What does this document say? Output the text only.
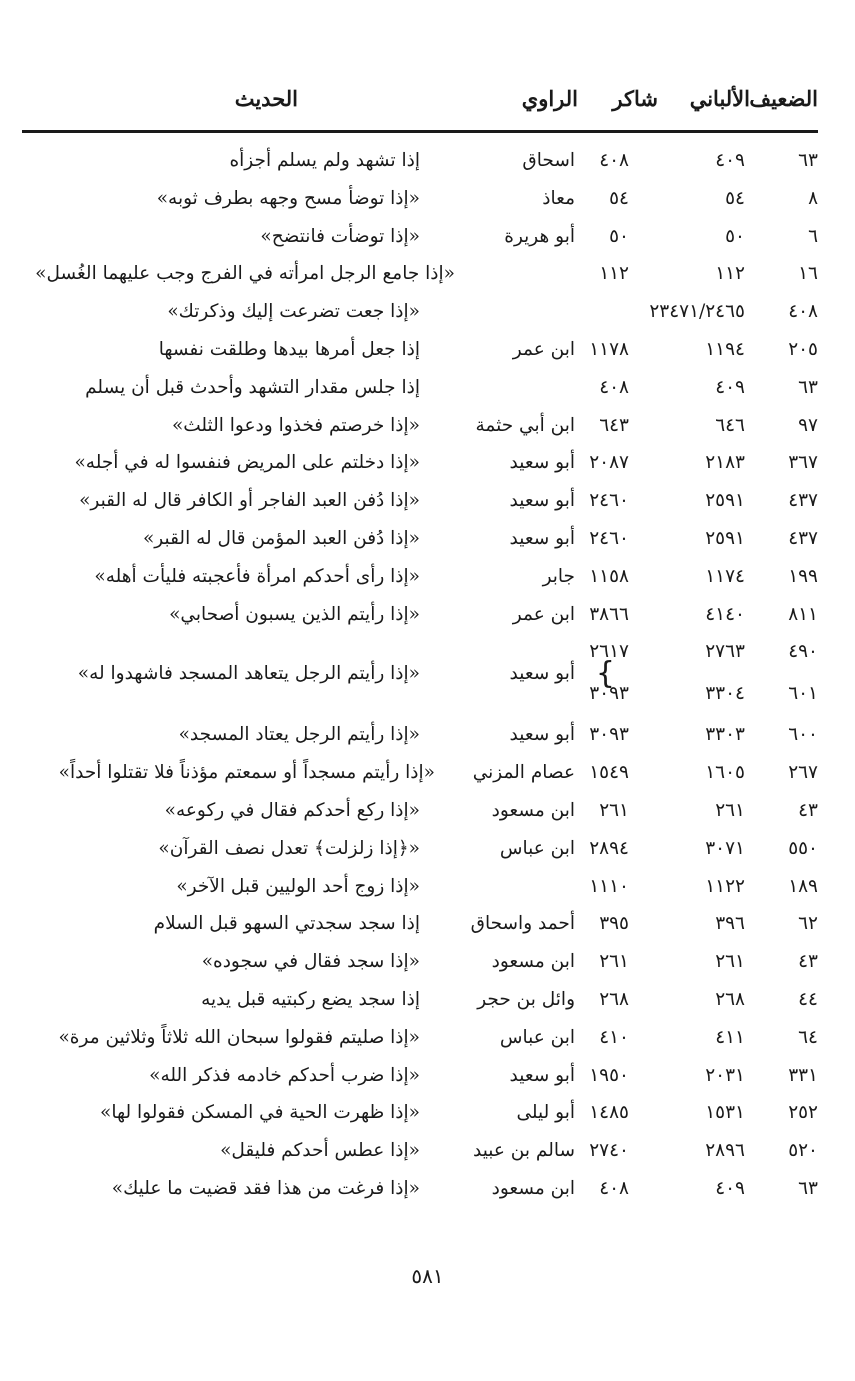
الضعيف
الألباني
شاكر
الراوي
الحديث
٦٣
٤٠٩
٤٠٨
اسحاق
إذا تشهد ولم يسلم أجزأه
٨
٥٤
٥٤
معاذ
«إذا توضأ مسح وجهه بطرف ثوبه»
٦
٥٠
٥٠
أبو هريرة
«إذا توضأت فانتضح»
١٦
١١٢
١١٢
«إذا جامع الرجل امرأته في الفرج وجب عليهما الغُسل»
٤٠٨
٢٣٤٧١/٢٤٦٥
«إذا جعت تضرعت إليك وذكرتك»
٢٠٥
١١٩٤
١١٧٨
ابن عمر
إذا جعل أمرها بيدها وطلقت نفسها
٦٣
٤٠٩
٤٠٨
إذا جلس مقدار التشهد وأحدث قبل أن يسلم
٩٧
٦٤٦
٦٤٣
ابن أبي حثمة
«إذا خرصتم فخذوا ودعوا الثلث»
٣٦٧
٢١٨٣
٢٠٨٧
أبو سعيد
«إذا دخلتم على المريض فنفسوا له في أجله»
٤٣٧
٢٥٩١
٢٤٦٠
أبو سعيد
«إذا دُفن العبد الفاجر أو الكافر قال له القبر»
٤٣٧
٢٥٩١
٢٤٦٠
أبو سعيد
«إذا دُفن العبد المؤمن قال له القبر»
١٩٩
١١٧٤
١١٥٨
جابر
«إذا رأى أحدكم امرأة فأعجبته فليأت أهله»
٨١١
٤١٤٠
٣٨٦٦
ابن عمر
«إذا رأيتم الذين يسبون أصحابي»
٤٩٠
٦٠١
٢٧٦٣
٣٣٠٤
٢٦١٧
٣٠٩٣
}
أبو سعيد
«إذا رأيتم الرجل يتعاهد المسجد فاشهدوا له»
٦٠٠
٣٣٠٣
٣٠٩٣
أبو سعيد
«إذا رأيتم الرجل يعتاد المسجد»
٢٦٧
١٦٠٥
١٥٤٩
عصام المزني
«إذا رأيتم مسجداً أو سمعتم مؤذناً فلا تقتلوا أحداً»
٤٣
٢٦١
٢٦١
ابن مسعود
«إذا ركع أحدكم فقال في ركوعه»
٥٥٠
٣٠٧١
٢٨٩٤
ابن عباس
«﴿إذا زلزلت﴾ تعدل نصف القرآن»
١٨٩
١١٢٢
١١١٠
«إذا زوج أحد الوليين قبل الآخر»
٦٢
٣٩٦
٣٩٥
أحمد واسحاق
إذا سجد سجدتي السهو قبل السلام
٤٣
٢٦١
٢٦١
ابن مسعود
«إذا سجد فقال في سجوده»
٤٤
٢٦٨
٢٦٨
وائل بن حجر
إذا سجد يضع ركبتيه قبل يديه
٦٤
٤١١
٤١٠
ابن عباس
«إذا صليتم فقولوا سبحان الله ثلاثاً وثلاثين مرة»
٣٣١
٢٠٣١
١٩٥٠
أبو سعيد
«إذا ضرب أحدكم خادمه فذكر الله»
٢٥٢
١٥٣١
١٤٨٥
أبو ليلى
«إذا ظهرت الحية في المسكن فقولوا لها»
٥٢٠
٢٨٩٦
٢٧٤٠
سالم بن عبيد
«إذا عطس أحدكم فليقل»
٦٣
٤٠٩
٤٠٨
ابن مسعود
«إذا فرغت من هذا فقد قضيت ما عليك»
٥٨١
